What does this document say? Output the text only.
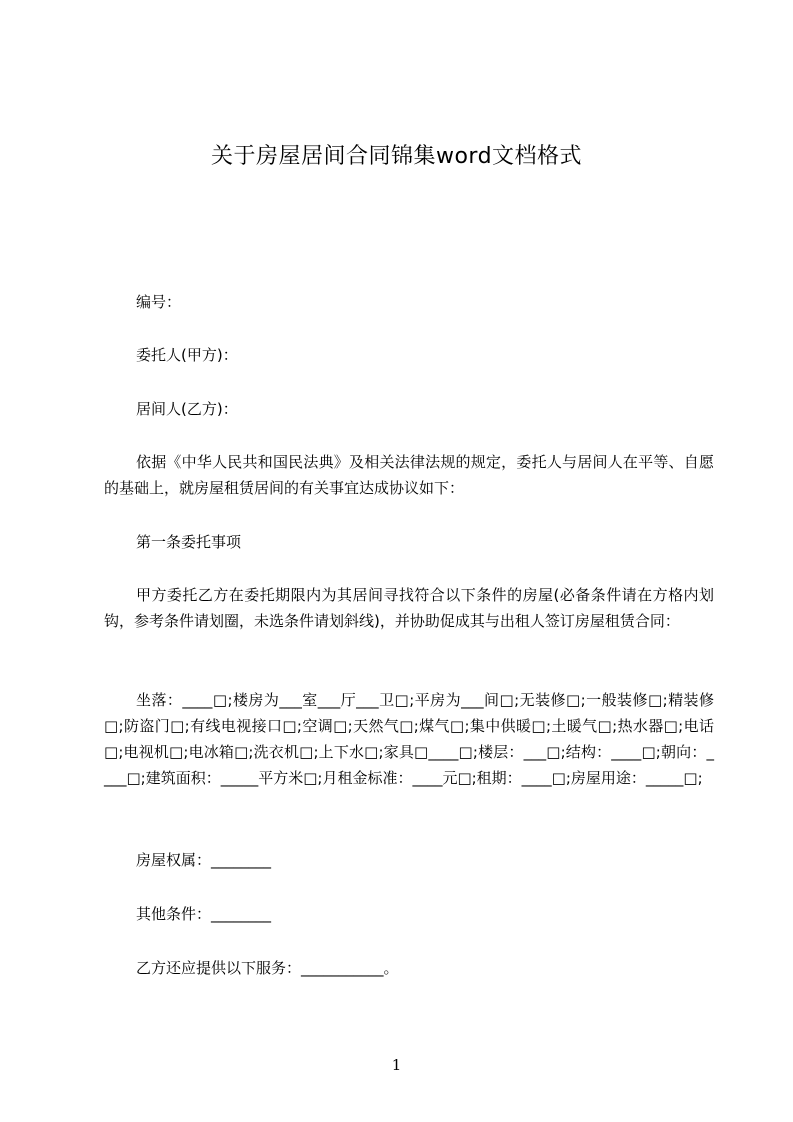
关于房屋居间合同锦集word文档格式

编号：

委托人(甲方)：

居间人(乙方)：

依据《中华人民共和国民法典》及相关法律法规的规定，委托人与居间人在平等、自愿的基础上，就房屋租赁居间的有关事宜达成协议如下：

第一条委托事项

甲方委托乙方在委托期限内为其居间寻找符合以下条件的房屋(必备条件请在方格内划钩，参考条件请划圈，未选条件请划斜线)，并协助促成其与出租人签订房屋租赁合同：

坐落：____□;楼房为___室___厅___卫□;平房为___间□;无装修□;一般装修□;精装修□;防盗门□;有线电视接口□;空调□;天然气□;煤气□;集中供暖□;土暖气□;热水器□;电话□;电视机□;电冰箱□;洗衣机□;上下水□;家具□____□;楼层：___□;结构：____□;朝向：____□;建筑面积：_____平方米□;月租金标准：____元□;租期：____□;房屋用途：_____□;

房屋权属：________

其他条件：________

乙方还应提供以下服务：___________。

1
